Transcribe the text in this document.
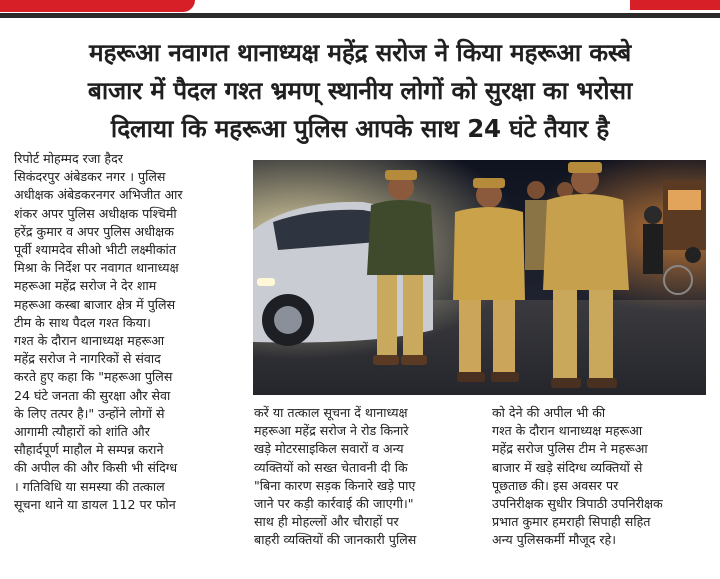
महरूआ नवागत थानाध्यक्ष महेंद्र सरोज ने किया महरूआ कस्बे
बाजार में पैदल गश्त भ्रमण् स्थानीय लोगों को सुरक्षा का भरोसा
दिलाया कि महरूआ पुलिस आपके साथ 24 घंटे तैयार है
रिपोर्ट मोहम्मद रजा हैदर
सिकंदरपुर अंबेडकर नगर । पुलिस
अधीक्षक अंबेडकरनगर अभिजीत आर
शंकर अपर पुलिस अधीक्षक पश्चिमी
हरेंद्र कुमार व अपर पुलिस अधीक्षक
पूर्वी श्यामदेव सीओ भीटी लक्ष्मीकांत
मिश्रा के निर्देश पर नवागत थानाध्यक्ष
महरूआ महेंद्र सरोज ने देर शाम
महरूआ कस्बा बाजार क्षेत्र में पुलिस
टीम के साथ पैदल गश्त किया।
गश्त के दौरान थानाध्यक्ष महरूआ
महेंद्र सरोज ने नागरिकों से संवाद
करते हुए कहा कि "महरूआ पुलिस
24 घंटे जनता की सुरक्षा और सेवा
के लिए तत्पर है।" उन्होंने लोगों से
आगामी त्यौहारों को शांति और
सौहार्दपूर्ण माहौल मे सम्पन्न कराने
की अपील की और किसी भी संदिग्ध
। गतिविधि या समस्या की तत्काल
सूचना थाने या डायल 112 पर फोन
करें या तत्काल सूचना दें थानाध्यक्ष
महरूआ महेंद्र सरोज ने रोड किनारे
खड़े मोटरसाइकिल सवारों व अन्य
व्यक्तियों को सख्त चेतावनी दी कि
"बिना कारण सड़क किनारे खड़े पाए
जाने पर कड़ी कार्रवाई की जाएगी।"
साथ ही मोहल्लों और चौराहों पर
बाहरी व्यक्तियों की जानकारी पुलिस
को देने की अपील भी की
गश्त के दौरान थानाध्यक्ष महरूआ
महेंद्र सरोज पुलिस टीम ने महरूआ
बाजार में खड़े संदिग्ध व्यक्तियों से
पूछताछ की। इस अवसर पर
उपनिरीक्षक सुधीर त्रिपाठी उपनिरीक्षक
प्रभात कुमार हमराही सिपाही सहित
अन्य पुलिसकर्मी मौजूद रहे।
